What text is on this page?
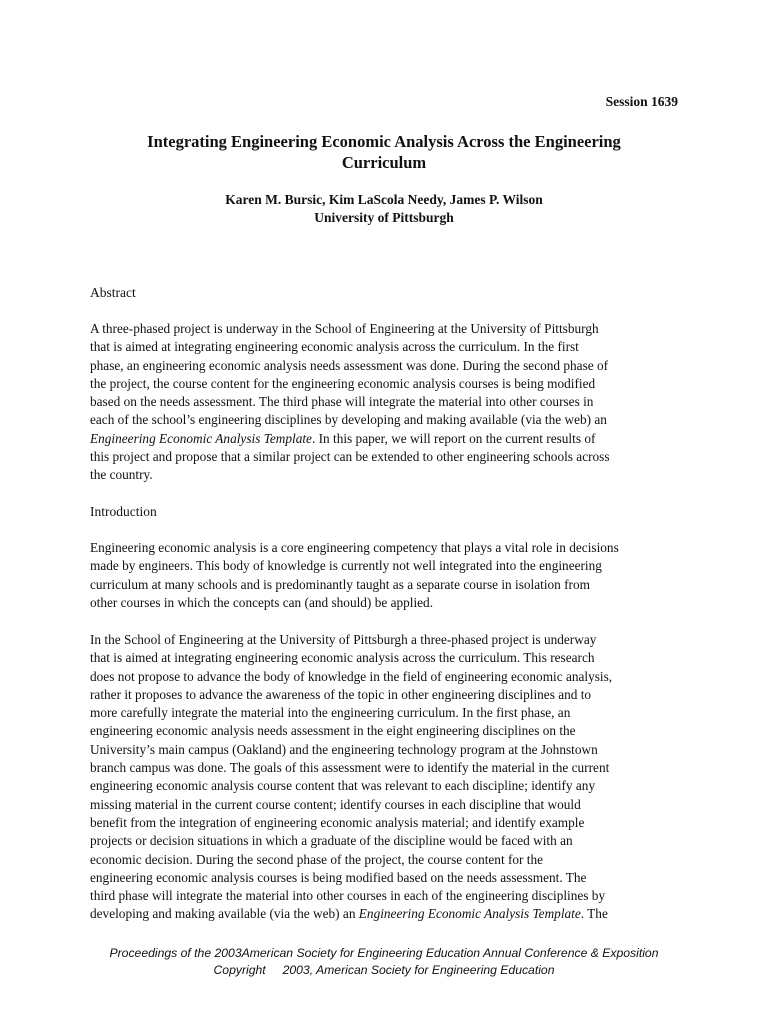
Session 1639
Integrating Engineering Economic Analysis Across the Engineering
Curriculum
Karen M. Bursic, Kim LaScola Needy, James P. Wilson
University of Pittsburgh
Abstract
A three-phased project is underway in the School of Engineering at the University of Pittsburgh
that is aimed at integrating engineering economic analysis across the curriculum. In the first
phase, an engineering economic analysis needs assessment was done. During the second phase of
the project, the course content for the engineering economic analysis courses is being modified
based on the needs assessment. The third phase will integrate the material into other courses in
each of the school’s engineering disciplines by developing and making available (via the web) an
Engineering Economic Analysis Template. In this paper, we will report on the current results of
this project and propose that a similar project can be extended to other engineering schools across
the country.
Introduction
Engineering economic analysis is a core engineering competency that plays a vital role in decisions
made by engineers. This body of knowledge is currently not well integrated into the engineering
curriculum at many schools and is predominantly taught as a separate course in isolation from
other courses in which the concepts can (and should) be applied.
In the School of Engineering at the University of Pittsburgh a three-phased project is underway
that is aimed at integrating engineering economic analysis across the curriculum. This research
does not propose to advance the body of knowledge in the field of engineering economic analysis,
rather it proposes to advance the awareness of the topic in other engineering disciplines and to
more carefully integrate the material into the engineering curriculum. In the first phase, an
engineering economic analysis needs assessment in the eight engineering disciplines on the
University’s main campus (Oakland) and the engineering technology program at the Johnstown
branch campus was done. The goals of this assessment were to identify the material in the current
engineering economic analysis course content that was relevant to each discipline; identify any
missing material in the current course content; identify courses in each discipline that would
benefit from the integration of engineering economic analysis material; and identify example
projects or decision situations in which a graduate of the discipline would be faced with an
economic decision. During the second phase of the project, the course content for the
engineering economic analysis courses is being modified based on the needs assessment. The
third phase will integrate the material into other courses in each of the engineering disciplines by
developing and making available (via the web) an Engineering Economic Analysis Template. The
Proceedings of the 2003American Society for Engineering Education Annual Conference & Exposition
Copyright     2003, American Society for Engineering Education
